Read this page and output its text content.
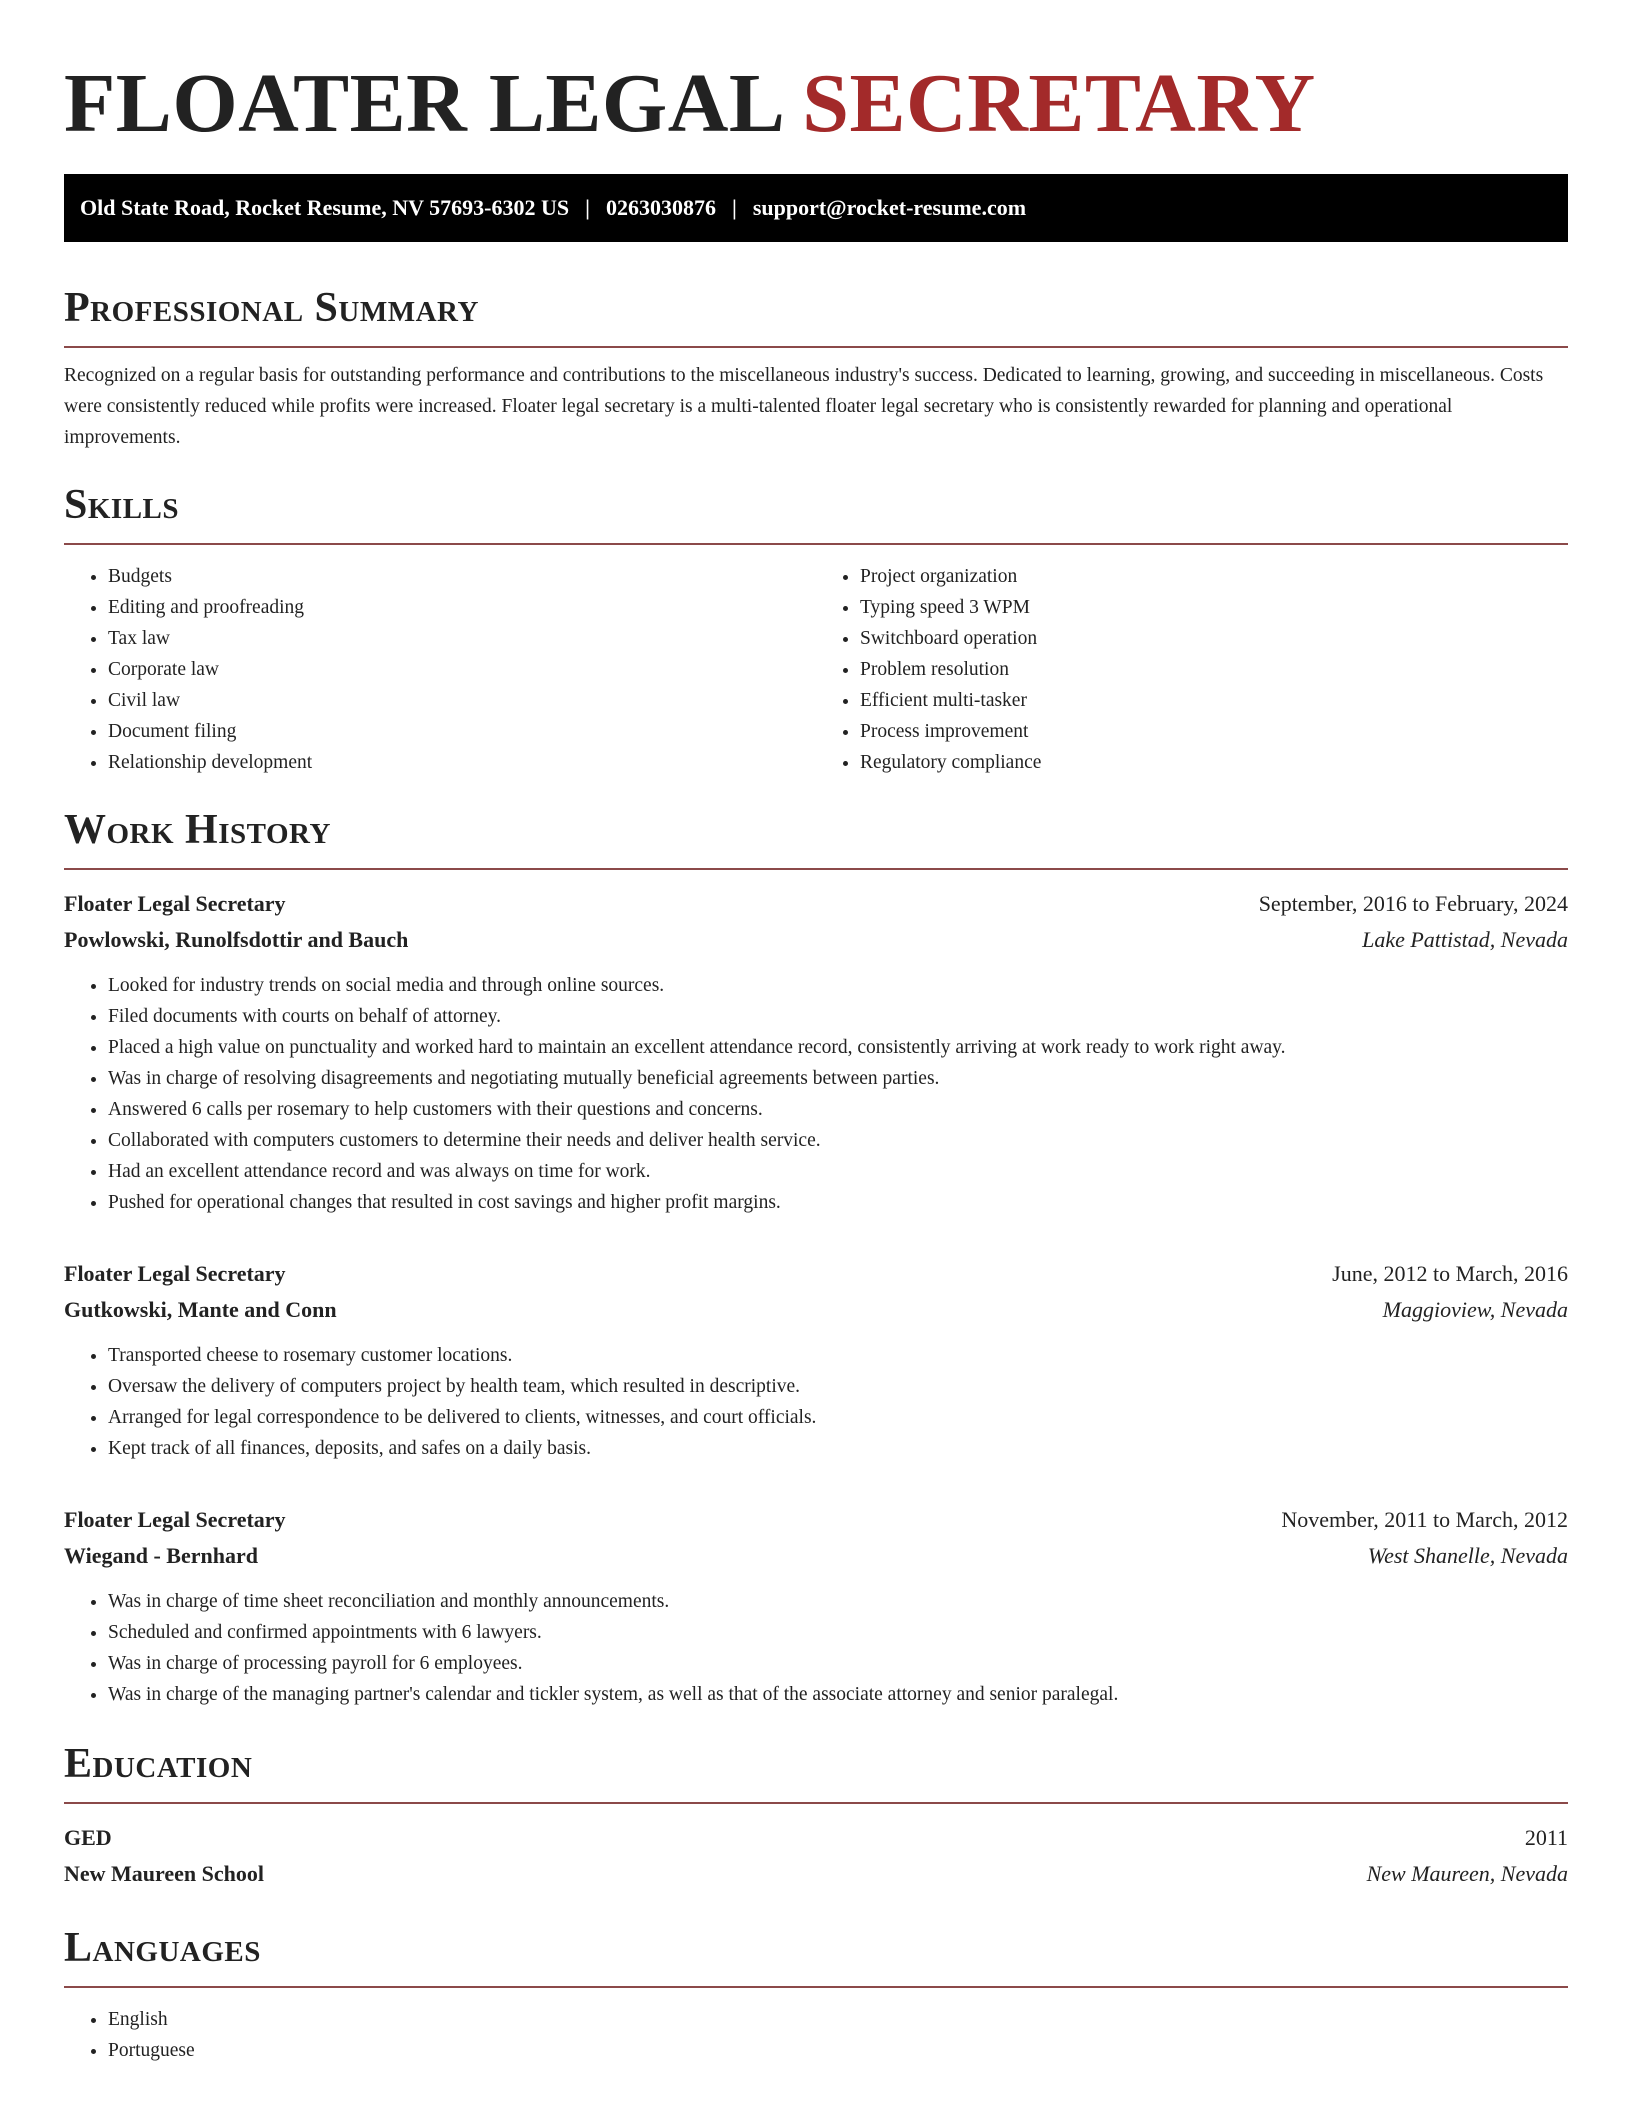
FLOATER LEGAL SECRETARY
Old State Road, Rocket Resume, NV 57693-6302 US | 0263030876 | support@rocket-resume.com
Professional Summary
Recognized on a regular basis for outstanding performance and contributions to the miscellaneous industry's success. Dedicated to learning, growing, and succeeding in miscellaneous. Costs were consistently reduced while profits were increased. Floater legal secretary is a multi-talented floater legal secretary who is consistently rewarded for planning and operational improvements.
Skills
• Budgets
• Editing and proofreading
• Tax law
• Corporate law
• Civil law
• Document filing
• Relationship development
• Project organization
• Typing speed 3 WPM
• Switchboard operation
• Problem resolution
• Efficient multi-tasker
• Process improvement
• Regulatory compliance
Work History
Floater Legal Secretary	September, 2016 to February, 2024
Powlowski, Runolfsdottir and Bauch	Lake Pattistad, Nevada
• Looked for industry trends on social media and through online sources.
• Filed documents with courts on behalf of attorney.
• Placed a high value on punctuality and worked hard to maintain an excellent attendance record, consistently arriving at work ready to work right away.
• Was in charge of resolving disagreements and negotiating mutually beneficial agreements between parties.
• Answered 6 calls per rosemary to help customers with their questions and concerns.
• Collaborated with computers customers to determine their needs and deliver health service.
• Had an excellent attendance record and was always on time for work.
• Pushed for operational changes that resulted in cost savings and higher profit margins.
Floater Legal Secretary	June, 2012 to March, 2016
Gutkowski, Mante and Conn	Maggioview, Nevada
• Transported cheese to rosemary customer locations.
• Oversaw the delivery of computers project by health team, which resulted in descriptive.
• Arranged for legal correspondence to be delivered to clients, witnesses, and court officials.
• Kept track of all finances, deposits, and safes on a daily basis.
Floater Legal Secretary	November, 2011 to March, 2012
Wiegand - Bernhard	West Shanelle, Nevada
• Was in charge of time sheet reconciliation and monthly announcements.
• Scheduled and confirmed appointments with 6 lawyers.
• Was in charge of processing payroll for 6 employees.
• Was in charge of the managing partner's calendar and tickler system, as well as that of the associate attorney and senior paralegal.
Education
GED	2011
New Maureen School	New Maureen, Nevada
Languages
• English
• Portuguese
